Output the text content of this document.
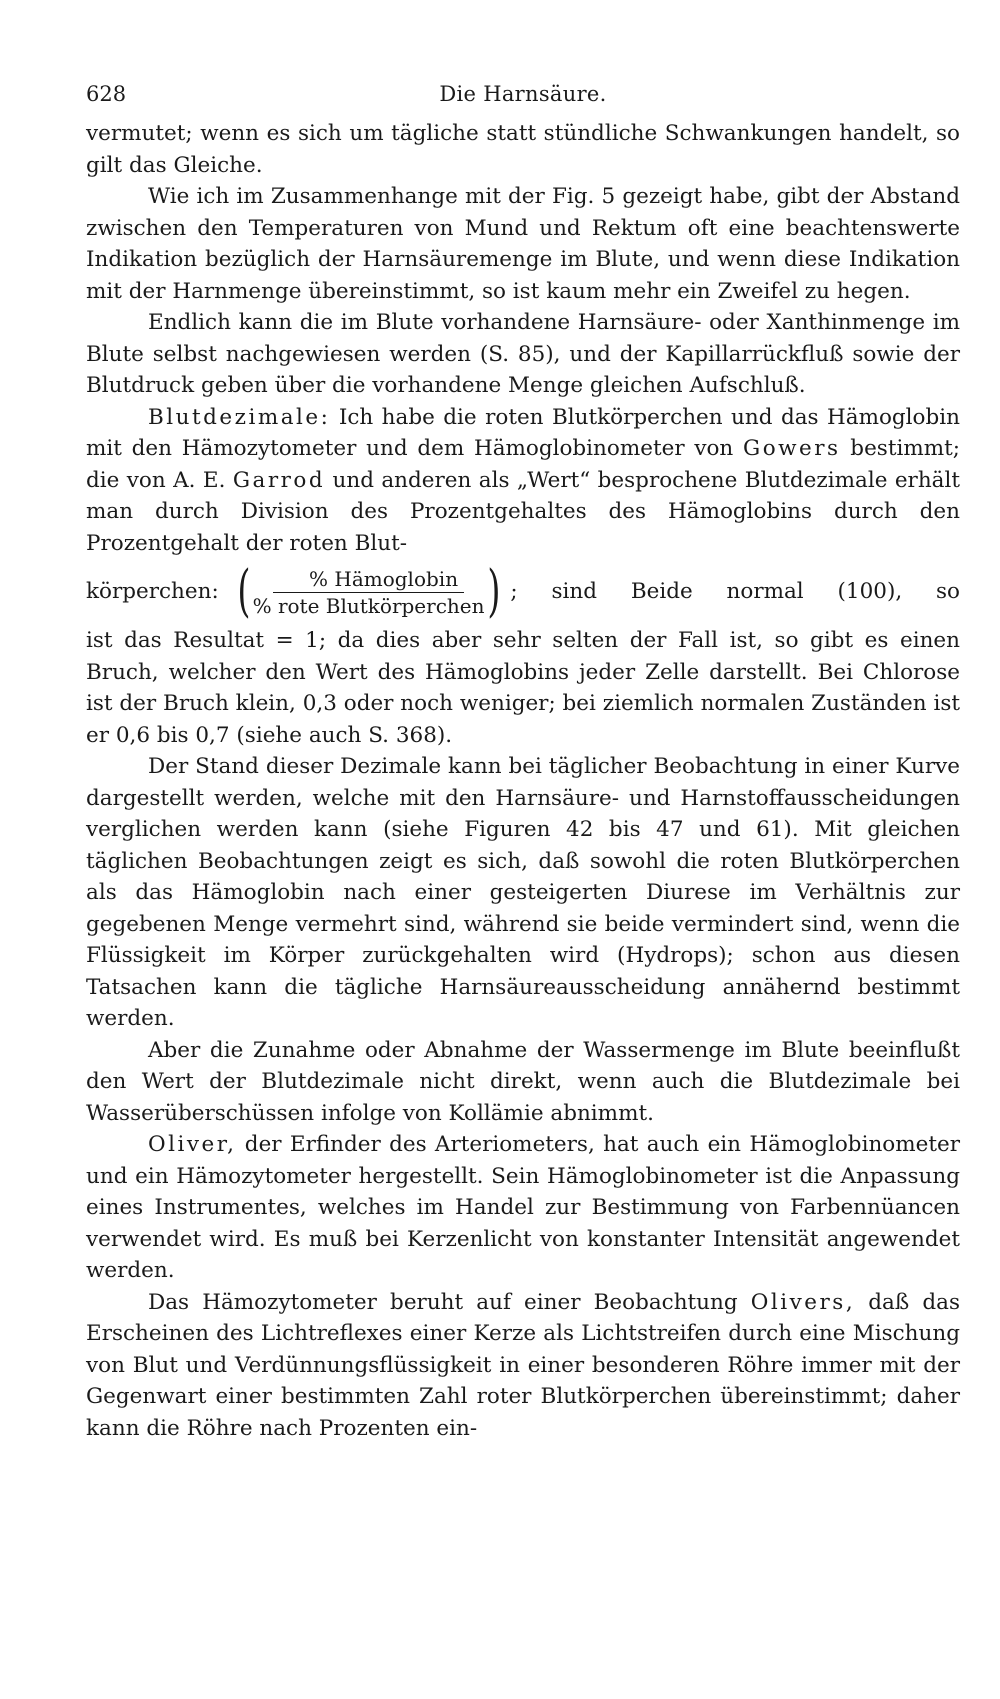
628	Die Harnsäure.

vermutet; wenn es sich um tägliche statt stündliche Schwankungen handelt, so gilt das Gleiche.

Wie ich im Zusammenhange mit der Fig. 5 gezeigt habe, gibt der Abstand zwischen den Temperaturen von Mund und Rektum oft eine beachtenswerte Indikation bezüglich der Harnsäuremenge im Blute, und wenn diese Indikation mit der Harnmenge übereinstimmt, so ist kaum mehr ein Zweifel zu hegen.

Endlich kann die im Blute vorhandene Harnsäure- oder Xanthinmenge im Blute selbst nachgewiesen werden (S. 85), und der Kapillarrückfluß sowie der Blutdruck geben über die vorhandene Menge gleichen Aufschluß.

Blutdezimale: Ich habe die roten Blutkörperchen und das Hämoglobin mit den Hämozytometer und dem Hämoglobinometer von Gowers bestimmt; die von A. E. Garrod und anderen als „Wert“ besprochene Blutdezimale erhält man durch Division des Prozentgehaltes des Hämoglobins durch den Prozentgehalt der roten Blut-

körperchen: ( $\frac{\text{\% Hämoglobin}}{\text{\% rote Blutkörperchen}}$ ) ; sind Beide normal (100), so

ist das Resultat = 1; da dies aber sehr selten der Fall ist, so gibt es einen Bruch, welcher den Wert des Hämoglobins jeder Zelle darstellt. Bei Chlorose ist der Bruch klein, 0,3 oder noch weniger; bei ziemlich normalen Zuständen ist er 0,6 bis 0,7 (siehe auch S. 368).

Der Stand dieser Dezimale kann bei täglicher Beobachtung in einer Kurve dargestellt werden, welche mit den Harnsäure- und Harnstoffausscheidungen verglichen werden kann (siehe Figuren 42 bis 47 und 61). Mit gleichen täglichen Beobachtungen zeigt es sich, daß sowohl die roten Blutkörperchen als das Hämoglobin nach einer gesteigerten Diurese im Verhältnis zur gegebenen Menge vermehrt sind, während sie beide vermindert sind, wenn die Flüssigkeit im Körper zurückgehalten wird (Hydrops); schon aus diesen Tatsachen kann die tägliche Harnsäureausscheidung annähernd bestimmt werden.

Aber die Zunahme oder Abnahme der Wassermenge im Blute beeinflußt den Wert der Blutdezimale nicht direkt, wenn auch die Blutdezimale bei Wasserüberschüssen infolge von Kollämie abnimmt.

Oliver, der Erfinder des Arteriometers, hat auch ein Hämoglobinometer und ein Hämozytometer hergestellt. Sein Hämoglobinometer ist die Anpassung eines Instrumentes, welches im Handel zur Bestimmung von Farbennüancen verwendet wird. Es muß bei Kerzenlicht von konstanter Intensität angewendet werden.

Das Hämozytometer beruht auf einer Beobachtung Olivers, daß das Erscheinen des Lichtreflexes einer Kerze als Lichtstreifen durch eine Mischung von Blut und Verdünnungsflüssigkeit in einer besonderen Röhre immer mit der Gegenwart einer bestimmten Zahl roter Blutkörperchen übereinstimmt; daher kann die Röhre nach Prozenten ein-
